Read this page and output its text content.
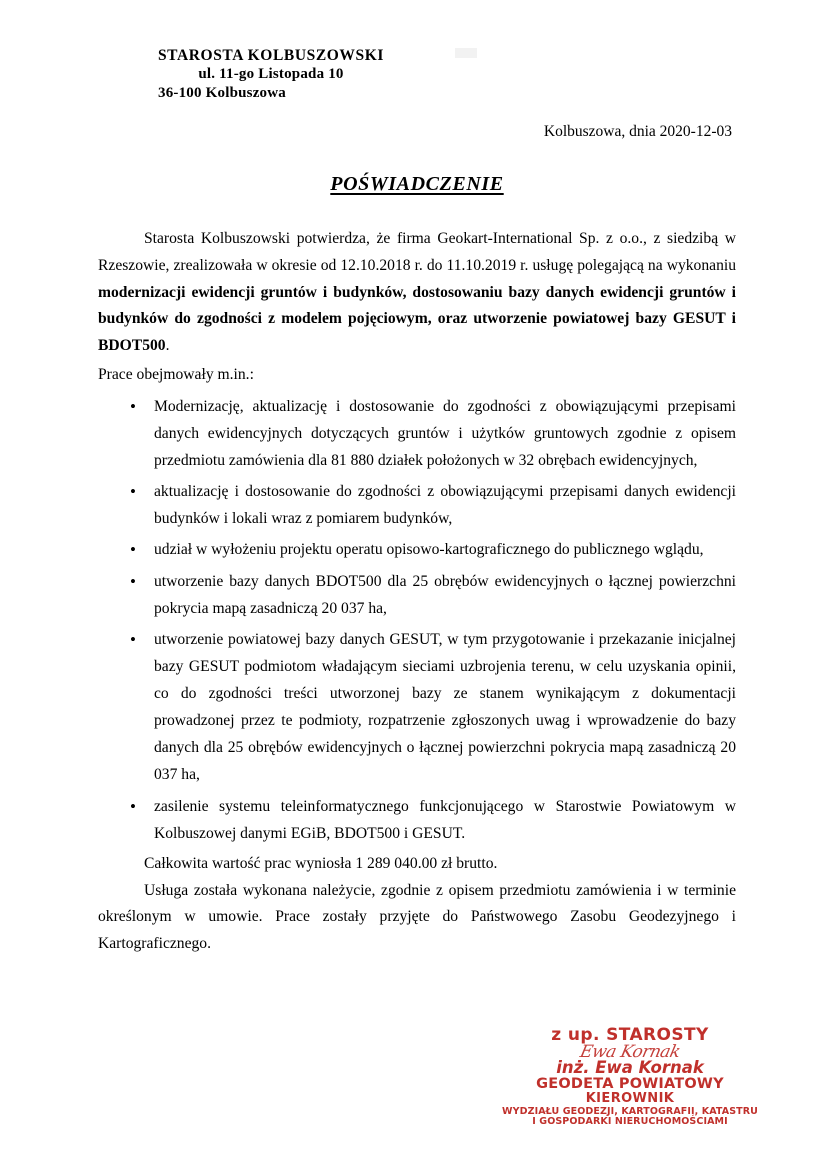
STAROSTA KOLBUSZOWSKI
ul. 11-go Listopada 10
36-100 Kolbuszowa
Kolbuszowa, dnia 2020-12-03
POŚWIADCZENIE

Starosta Kolbuszowski potwierdza, że firma Geokart-International Sp. z o.o., z siedzibą w Rzeszowie, zrealizowała w okresie od 12.10.2018 r. do 11.10.2019 r. usługę polegającą na wykonaniu modernizacji ewidencji gruntów i budynków, dostosowaniu bazy danych ewidencji gruntów i budynków do zgodności z modelem pojęciowym, oraz utworzenie powiatowej bazy GESUT i BDOT500.

Prace obejmowały m.in.:
• Modernizację, aktualizację i dostosowanie do zgodności z obowiązującymi przepisami danych ewidencyjnych dotyczących gruntów i użytków gruntowych zgodnie z opisem przedmiotu zamówienia dla 81 880 działek położonych w 32 obrębach ewidencyjnych,
• aktualizację i dostosowanie do zgodności z obowiązującymi przepisami danych ewidencji budynków i lokali wraz z pomiarem budynków,
• udział w wyłożeniu projektu operatu opisowo-kartograficznego do publicznego wglądu,
• utworzenie bazy danych BDOT500 dla 25 obrębów ewidencyjnych o łącznej powierzchni pokrycia mapą zasadniczą 20 037 ha,
• utworzenie powiatowej bazy danych GESUT, w tym przygotowanie i przekazanie inicjalnej bazy GESUT podmiotom władającym sieciami uzbrojenia terenu, w celu uzyskania opinii, co do zgodności treści utworzonej bazy ze stanem wynikającym z dokumentacji prowadzonej przez te podmioty, rozpatrzenie zgłoszonych uwag i wprowadzenie do bazy danych dla 25 obrębów ewidencyjnych o łącznej powierzchni pokrycia mapą zasadniczą 20 037 ha,
• zasilenie systemu teleinformatycznego funkcjonującego w Starostwie Powiatowym w Kolbuszowej danymi EGiB, BDOT500 i GESUT.

Całkowita wartość prac wyniosła 1 289 040.00 zł brutto.

Usługa została wykonana należycie, zgodnie z opisem przedmiotu zamówienia i w terminie określonym w umowie. Prace zostały przyjęte do Państwowego Zasobu Geodezyjnego i Kartograficznego.

z up. STAROSTY
Ewa Kornak
inż. Ewa Kornak
GEODETA POWIATOWY
KIEROWNIK
WYDZIAŁU GEODEZJI, KARTOGRAFII, KATASTRU
I GOSPODARKI NIERUCHOMOŚCIAMI
